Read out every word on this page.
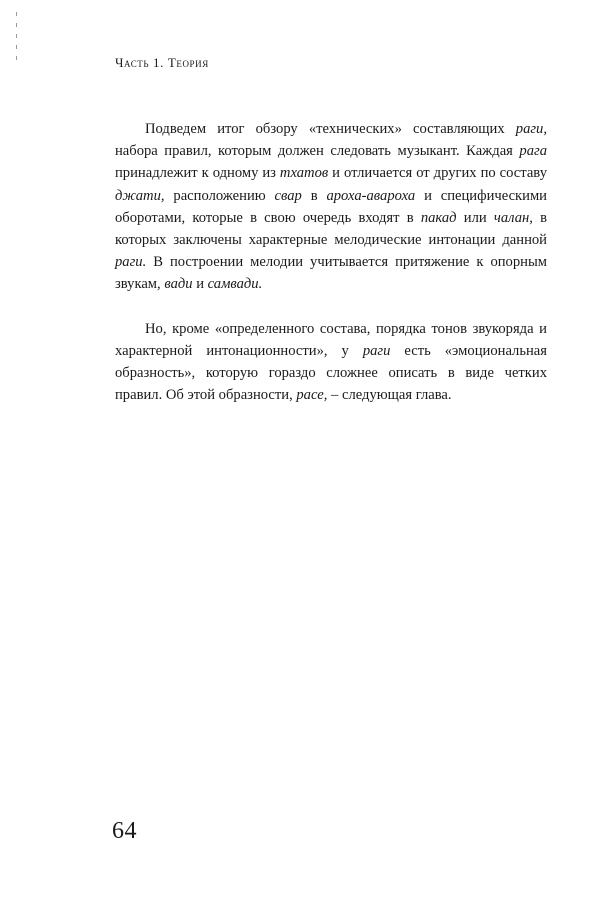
Часть 1. Теория

Подведем итог обзору «технических» составляющих раги, набора правил, которым должен следовать музыкант. Каждая рага принадлежит к одному из тхатов и отличается от других по составу джати, расположению свар в ароха-авароха и специфическими оборотами, которые в свою очередь входят в пакад или чалан, в которых заключены характерные мелодические интонации данной раги. В построении мелодии учитывается притяжение к опорным звукам, вади и самвади.

Но, кроме «определенного состава, порядка тонов звукоряда и характерной интонационности», у раги есть «эмоциональная образность», которую гораздо сложнее описать в виде четких правил. Об этой образности, расе, – следующая глава.

64
